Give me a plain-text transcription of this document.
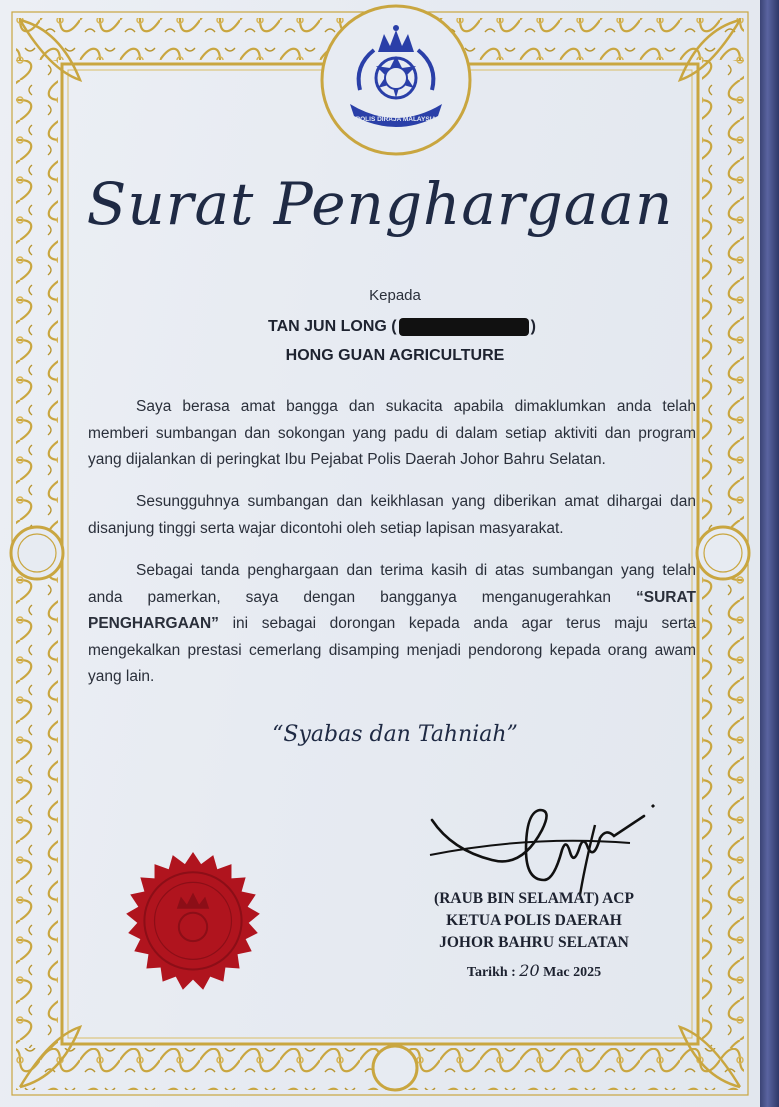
POLIS DIRAJA MALAYSIA
Surat Penghargaan
Kepada
TAN JUN LONG (	)
HONG GUAN AGRICULTURE

Saya berasa amat bangga dan sukacita apabila dimaklumkan anda telah memberi sumbangan dan sokongan yang padu di dalam setiap aktiviti dan program yang dijalankan di peringkat Ibu Pejabat Polis Daerah Johor Bahru Selatan.

Sesungguhnya sumbangan dan keikhlasan yang diberikan amat dihargai dan disanjung tinggi serta wajar dicontohi oleh setiap lapisan masyarakat.

Sebagai tanda penghargaan dan terima kasih di atas sumbangan yang telah anda pamerkan, saya dengan bangganya menganugerahkan “SURAT PENGHARGAAN” ini sebagai dorongan kepada anda agar terus maju serta mengekalkan prestasi cemerlang disamping menjadi pendorong kepada orang awam yang lain.

“Syabas dan Tahniah”
(RAUB BIN SELAMAT) ACP
KETUA POLIS DAERAH
JOHOR BAHRU SELATAN
Tarikh : 20 Mac 2025
